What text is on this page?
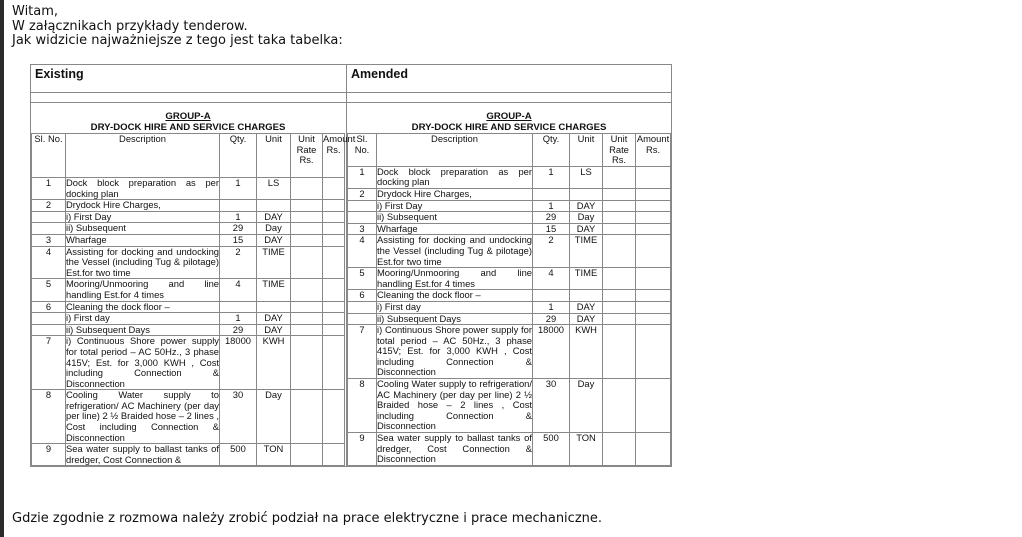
Witam,
W załącznikach przykłady tenderow.
Jak widzicie najważniejsze z tego jest taka tabelka:
Existing	Amended

GROUP-A
DRY-DOCK HIRE AND SERVICE CHARGES
Sl. No.	Description	Qty.	Unit	Unit Rate Rs.	Amount Rs.
1	Dock block preparation as per docking plan	1	LS		
2	Drydock Hire Charges,				
	i) First Day	1	DAY		
	ii) Subsequent	29	Day		
3	Wharfage	15	DAY		
4	Assisting for docking and undocking the Vessel (including Tug & pilotage) Est.for two time	2	TIME		
5	Mooring/Unmooring and line handling Est.for 4 times	4	TIME		
6	Cleaning the dock floor –				
	i) First day	1	DAY		
	ii) Subsequent Days	29	DAY		
7	i) Continuous Shore power supply for total period – AC 50Hz., 3 phase 415V; Est. for 3,000 KWH , Cost including Connection & Disconnection	18000	KWH		
8	Cooling Water supply to refrigeration/ AC Machinery (per day per line) 2 ½ Braided hose – 2 lines , Cost including Connection & Disconnection	30	Day		
9	Sea water supply to ballast tanks of dredger, Cost Connection &	500	TON		

GROUP-A
DRY-DOCK HIRE AND SERVICE CHARGES
Sl. No.	Description	Qty.	Unit	Unit Rate Rs.	Amount Rs.
1	Dock block preparation as per docking plan	1	LS		
2	Drydock Hire Charges,				
	i) First Day	1	DAY		
	ii) Subsequent	29	Day		
3	Wharfage	15	DAY		
4	Assisting for docking and undocking the Vessel (including Tug & pilotage) Est.for two time	2	TIME		
5	Mooring/Unmooring and line handling Est.for 4 times	4	TIME		
6	Cleaning the dock floor –				
	i) First day	1	DAY		
	ii) Subsequent Days	29	DAY		
7	i) Continuous Shore power supply for total period – AC 50Hz., 3 phase 415V; Est. for 3,000 KWH , Cost including Connection & Disconnection	18000	KWH		
8	Cooling Water supply to refrigeration/ AC Machinery (per day per line) 2 ½ Braided hose – 2 lines , Cost including Connection & Disconnection	30	Day		
9	Sea water supply to ballast tanks of dredger, Cost Connection & Disconnection	500	TON		
Gdzie zgodnie z rozmowa należy zrobić podział na prace elektryczne i prace mechaniczne.
